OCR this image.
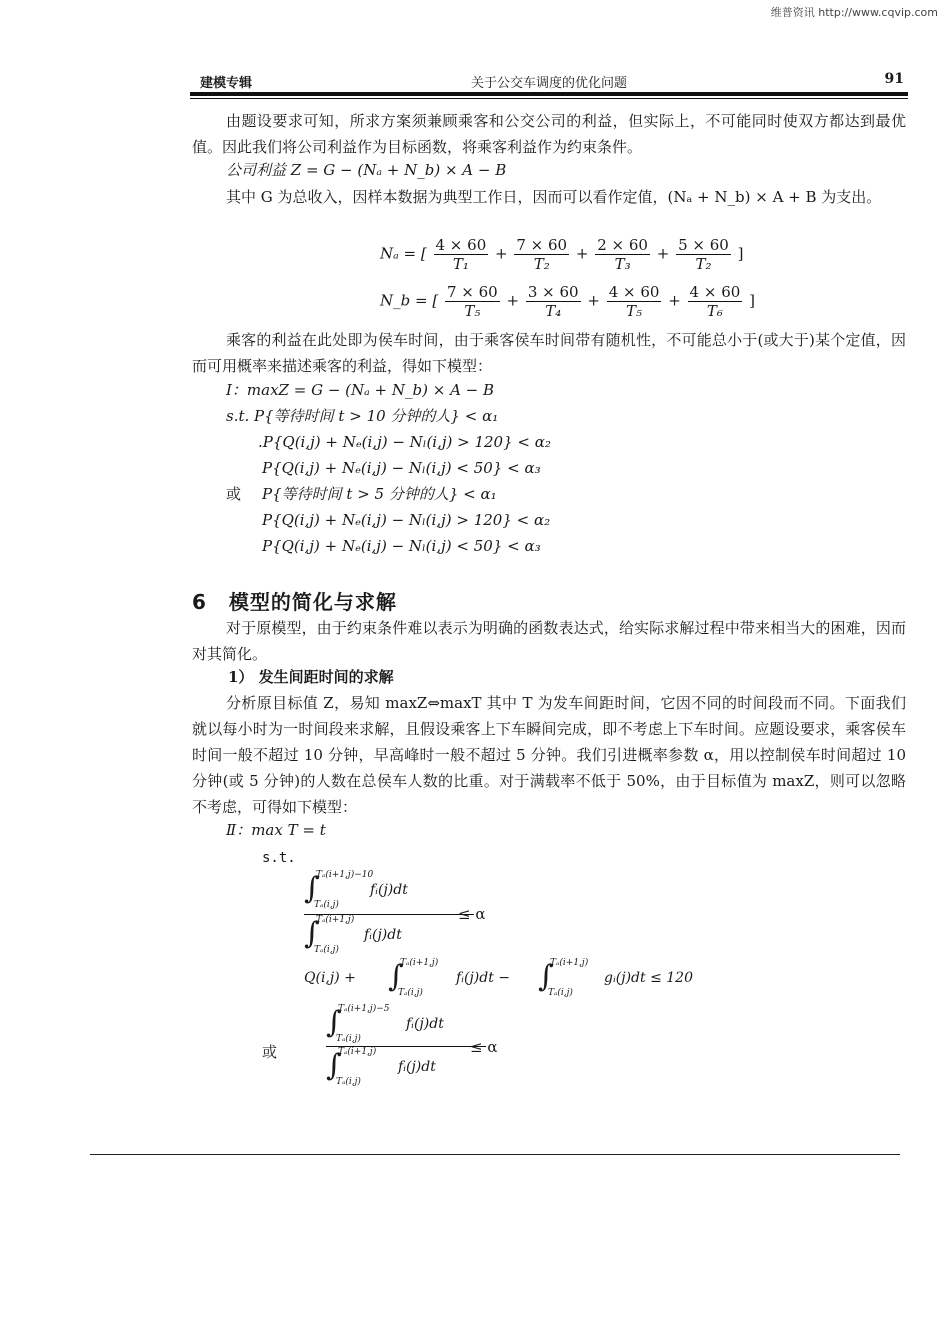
维普资讯 http://www.cqvip.com
建模专辑	关于公交车调度的优化问题	91
由题设要求可知，所求方案须兼顾乘客和公交公司的利益，但实际上，不可能同时使双方都达到最优值。因此我们将公司利益作为目标函数，将乘客利益作为约束条件。
公司利益 Z = G − (Nₐ + N_b) × A − B
其中 G 为总收入，因样本数据为典型工作日，因而可以看作定值，(Nₐ + N_b) × A + B 为支出。
Nₐ = [ $\frac{4 \times 60}{\text{T₁}} + \frac{7 \times 60}{\text{T₂}} + \frac{2 \times 60}{\text{T₃}} + \frac{5 \times 60}{\text{T₂}}$ ]
N_b = [ $\frac{7 \times 60}{\text{T₅}} + \frac{3 \times 60}{\text{T₄}} + \frac{4 \times 60}{\text{T₅}} + \frac{4 \times 60}{\text{T₆}}$ ]
乘客的利益在此处即为侯车时间，由于乘客侯车时间带有随机性，不可能总小于(或大于)某个定值，因而可用概率来描述乘客的利益，得如下模型：
I：maxZ = G − (Nₐ + N_b) × A − B
s.t. P{等待时间 t > 10 分钟的人} < α₁
.P{Q(i,j) + Nₑ(i,j) − Nₗ(i,j) > 120} < α₂
P{Q(i,j) + Nₑ(i,j) − Nₗ(i,j) < 50} < α₃
或 P{等待时间 t > 5 分钟的人} < α₁
P{Q(i,j) + Nₑ(i,j) − Nₗ(i,j) > 120} < α₂
P{Q(i,j) + Nₑ(i,j) − Nₗ(i,j) < 50} < α₃
6 模型的简化与求解
对于原模型，由于约束条件难以表示为明确的函数表达式，给实际求解过程中带来相当大的困难，因而对其简化。
1） 发生间距时间的求解
分析原目标值 Z，易知 maxZ⇔maxT 其中 T 为发车间距时间，它因不同的时间段而不同。下面我们就以每小时为一时间段来求解，且假设乘客上下车瞬间完成，即不考虑上下车时间。应题设要求，乘客侯车时间一般不超过 10 分钟，早高峰时一般不超过 5 分钟。我们引进概率参数 α，用以控制侯车时间超过 10 分钟(或 5 分钟)的人数在总侯车人数的比重。对于满载率不低于 50%，由于目标值为 maxZ，则可以忽略不考虑，可得如下模型：
Ⅱ：max T = t
s.t.
∫
Tₐ(i+1,j)−10
Tₐ(i,j)
fᵢ(j)dt
∫
Tₐ(i+1,j)
Tₐ(i,j)
fᵢ(j)dt
≤ α
Q(i,j) + ∫
Tₐ(i+1,j)
Tₐ(i,j)
fᵢ(j)dt − ∫
Tₐ(i+1,j)
Tₐ(i,j)
gᵢ(j)dt ≤ 120
或
∫
Tₐ(i+1,j)−5
Tₐ(i,j)
fᵢ(j)dt
∫
Tₐ(i+1,j)
Tₐ(i,j)
fᵢ(j)dt
≤ α
